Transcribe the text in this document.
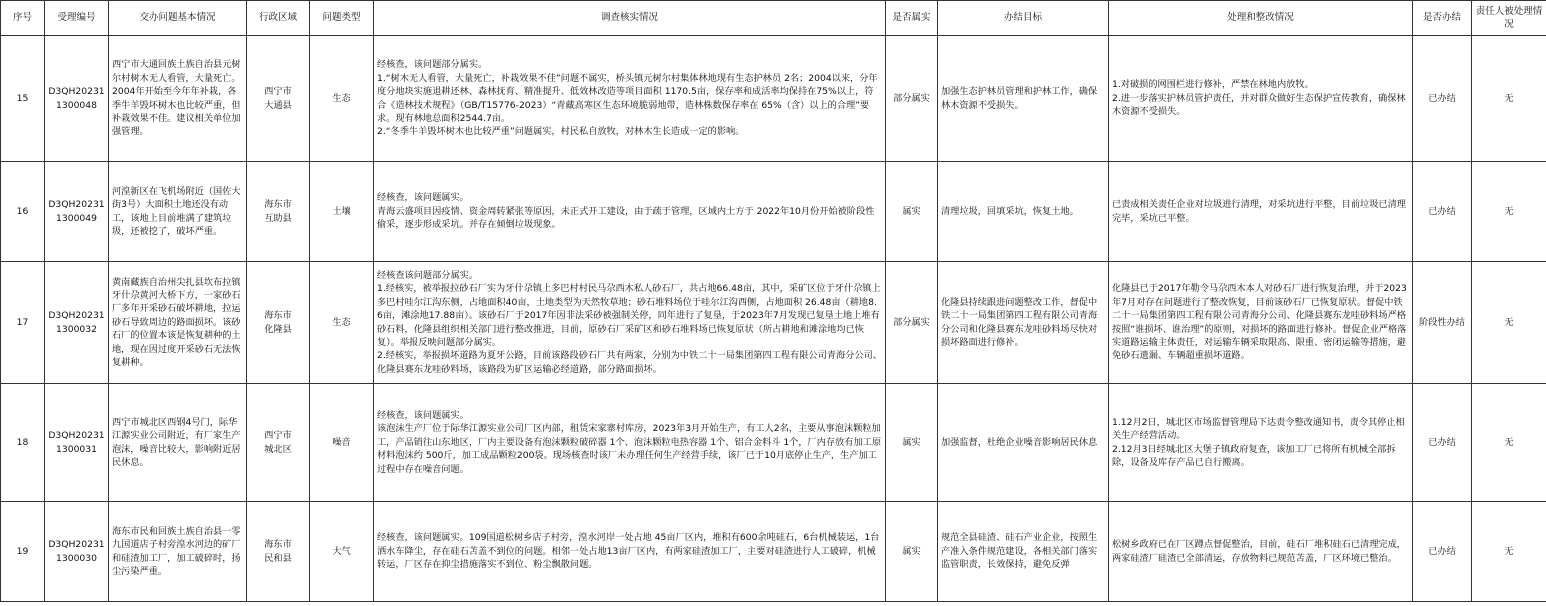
序号	受理编号	交办问题基本情况	行政区域	问题类型	调查核实情况	是否属实	办结目标	处理和整改情况	是否办结	责任人被处理情况
15	D3QH20231 1300048	西宁市大通回族土族自治县元树尔村树木无人看管，大量死亡。2004年开始至今年年补栽，各季牛羊毁坏树木也比较严重，但补栽效果不佳。建议相关单位加强管理。	西宁市
大通县	生态	经核查，该问题部分属实。
1.“树木无人看管，大量死亡，补栽效果不佳”问题不属实，桥头镇元树尔村集体林地现有生态护林员 2名；2004以来，分年度分地块实施退耕还林、森林抚育、精准提升、低效林改造等项目面积 1170.5亩，保存率和成活率均保持在75%以上，符合《造林技术规程》（GB/T15776-2023）“青藏高寒区生态环境脆弱地带，造林株数保存率在 65%（含）以上的合理”要求。现有林地总面积2544.7亩。
2.“冬季牛羊毁坏树木也比较严重”问题属实，村民私自放牧，对林木生长造成一定的影响。	部分属实	加强生态护林员管理和护林工作，确保林木资源不受损失。	1.对破损的网围栏进行修补，严禁在林地内放牧。
2.进一步落实护林员管护责任，并对群众做好生态保护宣传教育，确保林木资源不受损失。	已办结	无
16	D3QH20231 1300049	河湟新区在飞机场附近（国佐大街3号）大面积土地还没有动工，该地上目前堆满了建筑垃圾，还被挖了，破坏严重。	海东市
互助县	土壤	经核查，该问题属实。
青海云盛项目因疫情、资金周转紧张等原因，未正式开工建设，由于疏于管理，区域内土方于 2022年10月份开始被阶段性偷采，逐步形成采坑。并存在倾倒垃圾现象。	属实	清理垃圾，回填采坑，恢复土地。	已责成相关责任企业对垃圾进行清理，对采坑进行平整，目前垃圾已清理完毕，采坑已平整。	已办结	无
17	D3QH20231 1300032	黄南藏族自治州尖扎县坎布拉镇牙什尕黄河大桥下方，一家砂石厂多年开采砂石破坏耕地，拉运砂石导致周边的路面损坏。该砂石厂的位置本该是恢复耕种的土地，现在因过度开采砂石无法恢复耕种。	海东市
化隆县	生态	经核查该问题部分属实。
1.经核实，被举报拉砂石厂实为牙什尕镇上多巴村村民马尕西木私人砂石厂，共占地66.48亩，其中，采矿区位于牙什尕镇上多巴村哇尔江沟东侧，占地面积40亩，土地类型为天然牧草地；砂石堆料场位于哇尔江沟西侧，占地面积 26.48亩（耕地8.6亩，滩涂地17.88亩）。该砂石厂于2017年因非法采砂被强制关停，同年进行了复垦，于2023年7月发现已复垦土地上堆有砂石料，化隆县组织相关部门进行整改推进，目前，原砂石厂采矿区和砂石堆料场已恢复原状（所占耕地和滩涂地均已恢复）。举报反映问题部分属实。
2.经核实，举报损坏道路为夏牙公路，目前该路段砂石厂共有两家，分别为中铁二十一局集团第四工程有限公司青海分公司、化隆县赛东龙哇砂料场，该路段为矿区运输必经道路，部分路面损坏。	部分属实	化隆县持续跟进问题整改工作，督促中铁二十一局集团第四工程有限公司青海分公司和化隆县赛东龙哇砂料场尽快对损坏路面进行修补。	化隆县已于2017年勒令马尕西木本人对砂石厂进行恢复治理，并于2023年7月对存在问题进行了整改恢复，目前该砂石厂已恢复原状。督促中铁二十一局集团第四工程有限公司青海分公司、化隆县赛东龙哇砂料场严格按照“谁损坏、谁治理”的原则，对损坏的路面进行修补。督促企业严格落实道路运输主体责任，对运输车辆采取限高、限重、密闭运输等措施，避免砂石遗漏、车辆超重损坏道路。	阶段性办结	无
18	D3QH20231 1300031	西宁市城北区西钢4号门，际华江源实业公司附近，有厂家生产泡沫，噪音比较大，影响附近居民休息。	西宁市
城北区	噪音	经核查，该问题属实。
该泡沫生产厂位于际华江源实业公司厂区内部，租赁宋家寨村库房，2023年3月开始生产，有工人2名，主要从事泡沫颗粒加工，产品销往山东地区，厂内主要设备有泡沫颗粒破碎器 1个、泡沫颗粒电热容器 1个、铝合金料斗 1个，厂内存放有加工原材料泡沫约 500斤，加工成品颗粒200袋。现场核查时该厂未办理任何生产经营手续，该厂已于10月底停止生产，生产加工过程中存在噪音问题。	属实	加强监督，杜绝企业噪音影响居民休息	1.12月2日，城北区市场监督管理局下达责令整改通知书，责令其停止相关生产经营活动。
2.12月3日经城北区大堡子镇政府复查，该加工厂已将所有机械全部拆除，设备及库存产品已自行搬离。	已办结	无
19	D3QH20231 1300030	海东市民和回族土族自治县一零九国道店子村旁湟水河边的矿厂和硅渣加工厂，加工破碎时，扬尘污染严重。	海东市
民和县	大气	经核查，该问题属实。109国道松树乡店子村旁，湟水河岸一处占地 45亩厂区内，堆积有600余吨硅石，6台机械装运，1台洒水车降尘，存在硅石苫盖不到位的问题。相邻一处占地13亩厂区内，有两家硅渣加工厂，主要对硅渣进行人工破碎，机械转运，厂区存在抑尘措施落实不到位、粉尘飘散问题。	属实	规范全县硅渣、硅石产业企业，按照生产准入条件规范建设，各相关部门落实监管职责，长效保持，避免反弹	松树乡政府已在厂区蹲点督促整治，目前，硅石厂堆积硅石已清理完成，两家硅渣厂硅渣已全部清运，存放物料已规范苫盖，厂区环境已整治。	已办结	无
